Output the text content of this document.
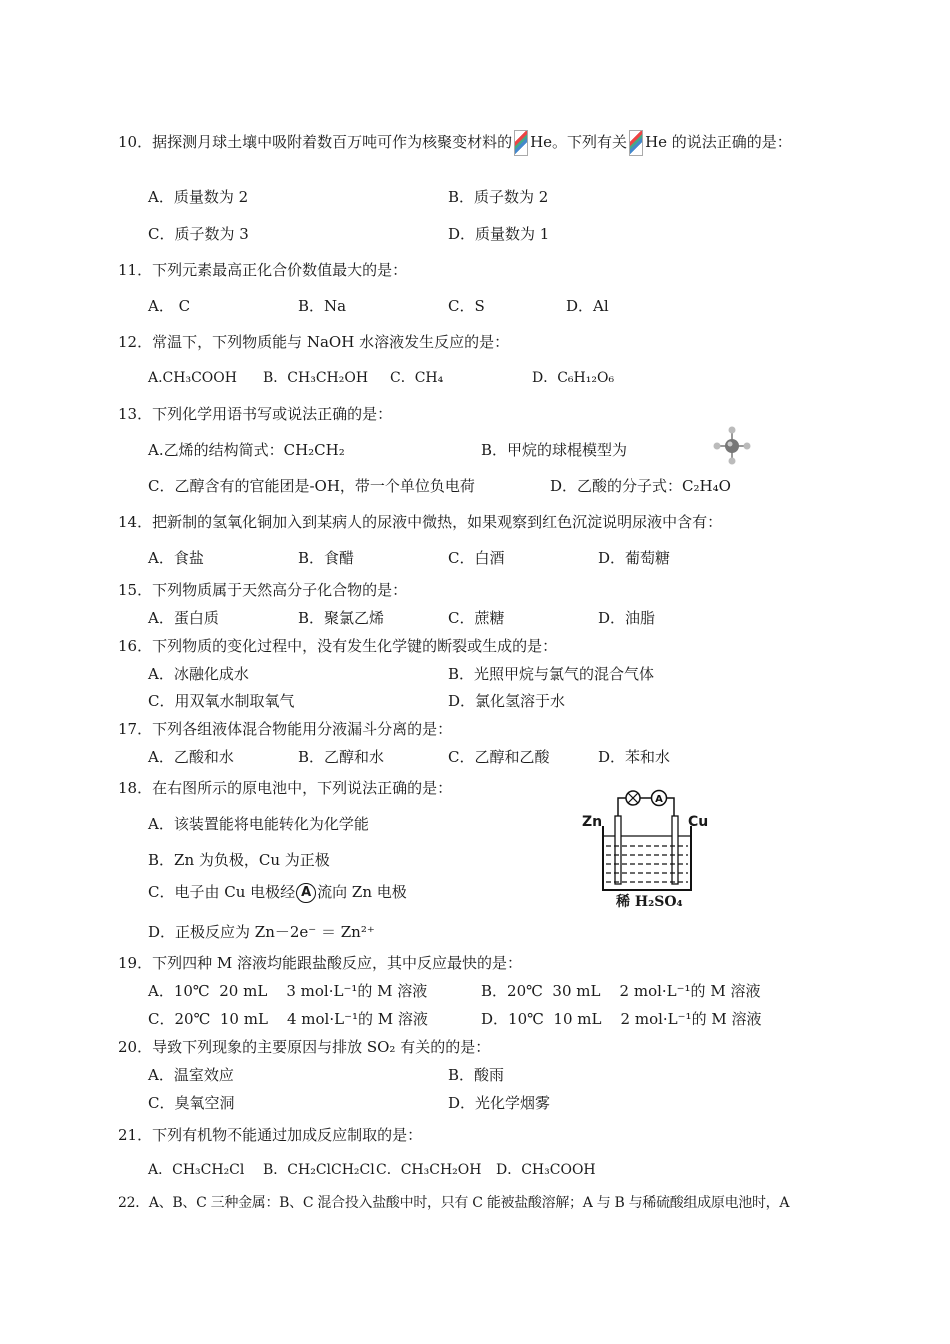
10．据探测月球土壤中吸附着数百万吨可作为核聚变材料的 He。下列有关 He 的说法正确的是：
A．质量数为 2	B．质子数为 2
C．质子数为 3	D．质量数为 1
11．下列元素最高正化合价数值最大的是：
A． C	B．Na	C．S	D．Al
12．常温下，下列物质能与 NaOH 水溶液发生反应的是：
A.CH₃COOH B．CH₃CH₂OH C．CH₄	D．C₆H₁₂O₆
13．下列化学用语书写或说法正确的是：
A.乙烯的结构简式：CH₂CH₂	B．甲烷的球棍模型为
C．乙醇含有的官能团是-OH，带一个单位负电荷	D．乙酸的分子式：C₂H₄O
14．把新制的氢氧化铜加入到某病人的尿液中微热，如果观察到红色沉淀说明尿液中含有：
A．食盐	B．食醋	C．白酒	D．葡萄糖
15．下列物质属于天然高分子化合物的是：
A．蛋白质	B．聚氯乙烯	C．蔗糖	D．油脂
16．下列物质的变化过程中，没有发生化学键的断裂或生成的是：
A．冰融化成水	B．光照甲烷与氯气的混合气体
C．用双氧水制取氧气	D．氯化氢溶于水
17．下列各组液体混合物能用分液漏斗分离的是：
A．乙酸和水	B．乙醇和水	C．乙醇和乙酸	D．苯和水
18．在右图所示的原电池中，下列说法正确的是：
A．该装置能将电能转化为化学能
B．Zn 为负极，Cu 为正极
C．电子由 Cu 电极经 A 流向 Zn 电极
D．正极反应为 Zn－2e⁻ ＝ Zn²⁺
A
Zn	Cu
稀 H₂SO₄
19．下列四种 M 溶液均能跟盐酸反应，其中反应最快的是：
A．10℃  20 mL    3 mol·L⁻¹的 M 溶液	B．20℃  30 mL    2 mol·L⁻¹的 M 溶液
C．20℃  10 mL    4 mol·L⁻¹的 M 溶液	D．10℃  10 mL    2 mol·L⁻¹的 M 溶液
20．导致下列现象的主要原因与排放 SO₂ 有关的的是：
A．温室效应	B．酸雨
C．臭氧空洞	D．光化学烟雾
21．下列有机物不能通过加成反应制取的是：
A．CH₃CH₂Cl B．CH₂ClCH₂Cl C．CH₃CH₂OH D．CH₃COOH
22．A、B、C 三种金属：B、C 混合投入盐酸中时，只有 C 能被盐酸溶解；A 与 B 与稀硫酸组成原电池时，A
